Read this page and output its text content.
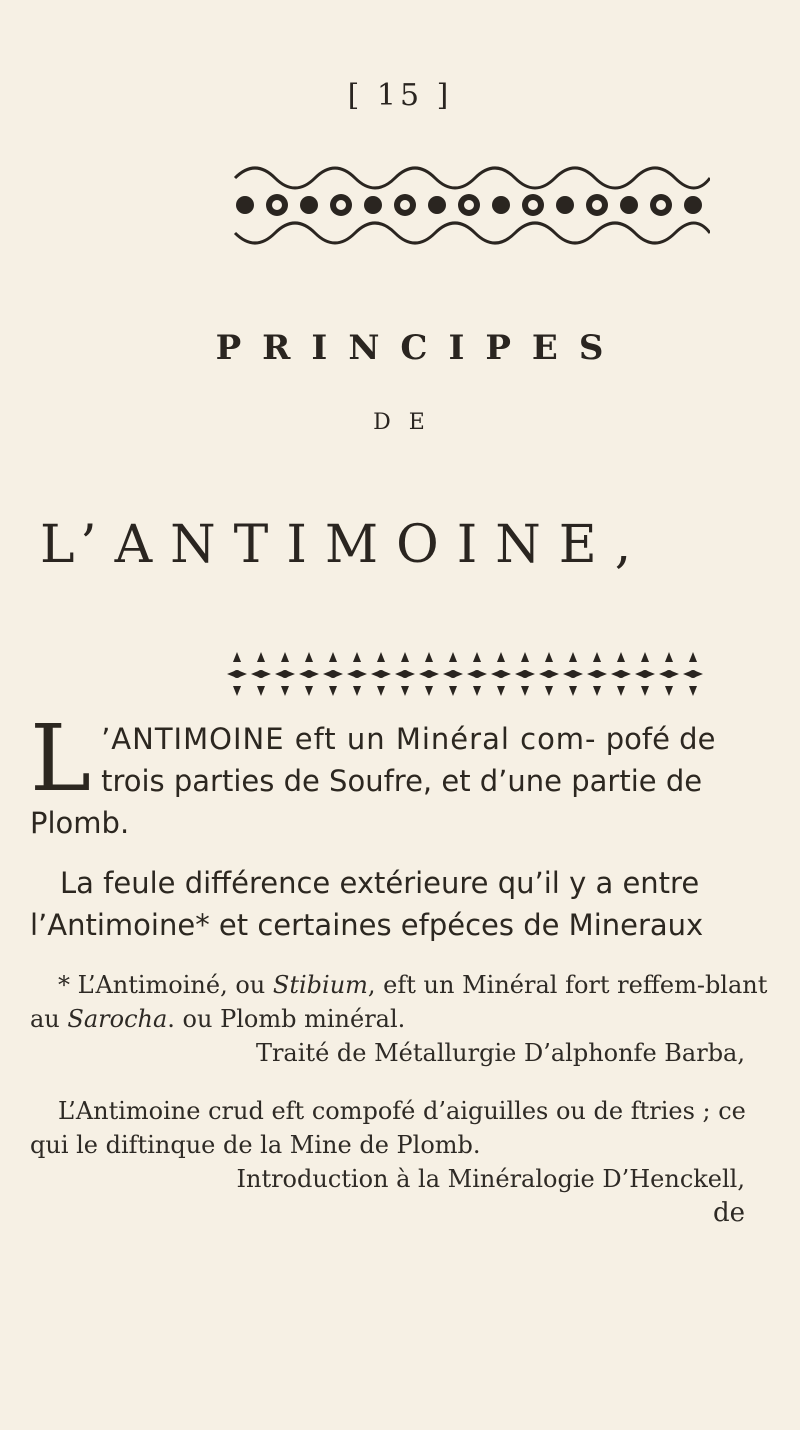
[ 15 ]
PRINCIPES
DE
L’ANTIMOINE,
L ’ANTIMOINE eft un Minéral com- pofé de trois parties de Soufre, et d’une partie de Plomb.
La feule différence extérieure qu’il y a entre l’Antimoine* et certaines efpéces de Mineraux

* L’Antimoiné, ou Stibium, eft un Minéral fort reffem-blant au Sarocha. ou Plomb minéral.

Traité de Métallurgie D’alphonfe Barba,

L’Antimoine crud eft compofé d’aiguilles ou de ftries ; ce qui le diftinque de la Mine de Plomb.

Introduction à la Minéralogie D’Henckell,

de
